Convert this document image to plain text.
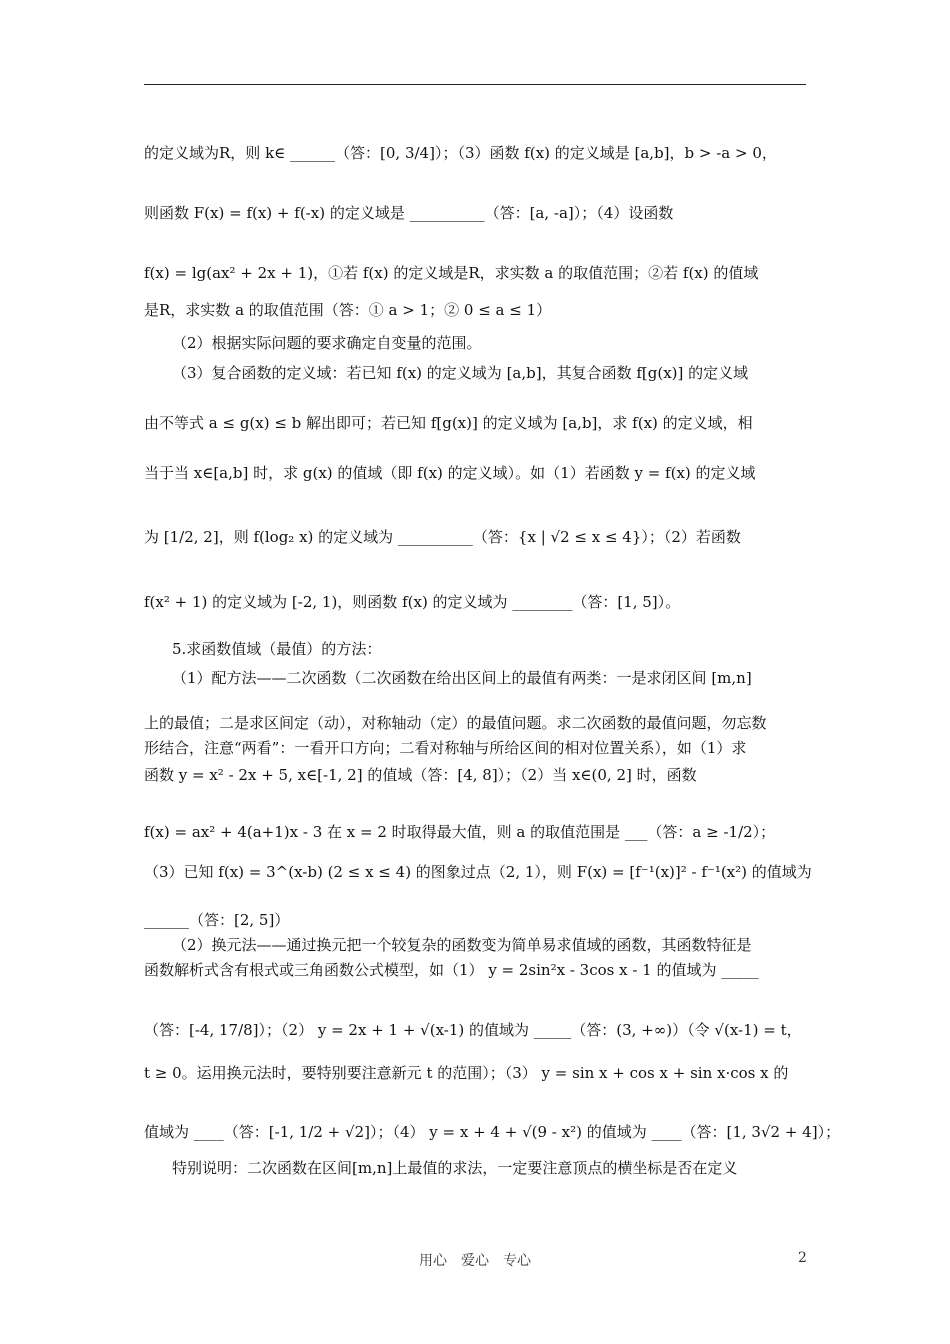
的定义域为R，则 k∈ ______（答：[0, 3/4]）；（3）函数 f(x) 的定义域是 [a,b]，b > -a > 0，
则函数 F(x) = f(x) + f(-x) 的定义域是 __________（答：[a, -a]）；（4）设函数
f(x) = lg(ax² + 2x + 1)，①若 f(x) 的定义域是R，求实数 a 的取值范围；②若 f(x) 的值域
是R，求实数 a 的取值范围（答：① a > 1；② 0 ≤ a ≤ 1）
（2）根据实际问题的要求确定自变量的范围。
（3）复合函数的定义域：若已知 f(x) 的定义域为 [a,b]，其复合函数 f[g(x)] 的定义域
由不等式 a ≤ g(x) ≤ b 解出即可；若已知 f[g(x)] 的定义域为 [a,b]，求 f(x) 的定义域，相
当于当 x∈[a,b] 时，求 g(x) 的值域（即 f(x) 的定义域）。如（1）若函数 y = f(x) 的定义域
为 [1/2, 2]，则 f(log₂ x) 的定义域为 __________（答：{x | √2 ≤ x ≤ 4}）；（2）若函数
f(x² + 1) 的定义域为 [-2, 1)，则函数 f(x) 的定义域为 ________（答：[1, 5]）。
5.求函数值域（最值）的方法：
（1）配方法——二次函数（二次函数在给出区间上的最值有两类：一是求闭区间 [m,n]
上的最值；二是求区间定（动），对称轴动（定）的最值问题。求二次函数的最值问题，勿忘数
形结合，注意“两看”：一看开口方向；二看对称轴与所给区间的相对位置关系），如（1）求
函数 y = x² - 2x + 5, x∈[-1, 2] 的值域（答：[4, 8]）；（2）当 x∈(0, 2] 时，函数
f(x) = ax² + 4(a+1)x - 3 在 x = 2 时取得最大值，则 a 的取值范围是 ___（答：a ≥ -1/2）；
（3）已知 f(x) = 3^(x-b) (2 ≤ x ≤ 4) 的图象过点（2, 1），则 F(x) = [f⁻¹(x)]² - f⁻¹(x²) 的值域为
______（答：[2, 5]）
（2）换元法——通过换元把一个较复杂的函数变为简单易求值域的函数，其函数特征是
函数解析式含有根式或三角函数公式模型，如（1） y = 2sin²x - 3cos x - 1 的值域为 _____
（答：[-4, 17/8]）；（2） y = 2x + 1 + √(x-1) 的值域为 _____（答：(3, +∞)）（令 √(x-1) = t，
t ≥ 0。运用换元法时，要特别要注意新元 t 的范围）；（3） y = sin x + cos x + sin x·cos x 的
值域为 ____（答：[-1, 1/2 + √2]）；（4） y = x + 4 + √(9 - x²) 的值域为 ____（答：[1, 3√2 + 4]）；
特别说明：二次函数在区间[m,n]上最值的求法，一定要注意顶点的横坐标是否在定义
用心　爱心　专心	2
